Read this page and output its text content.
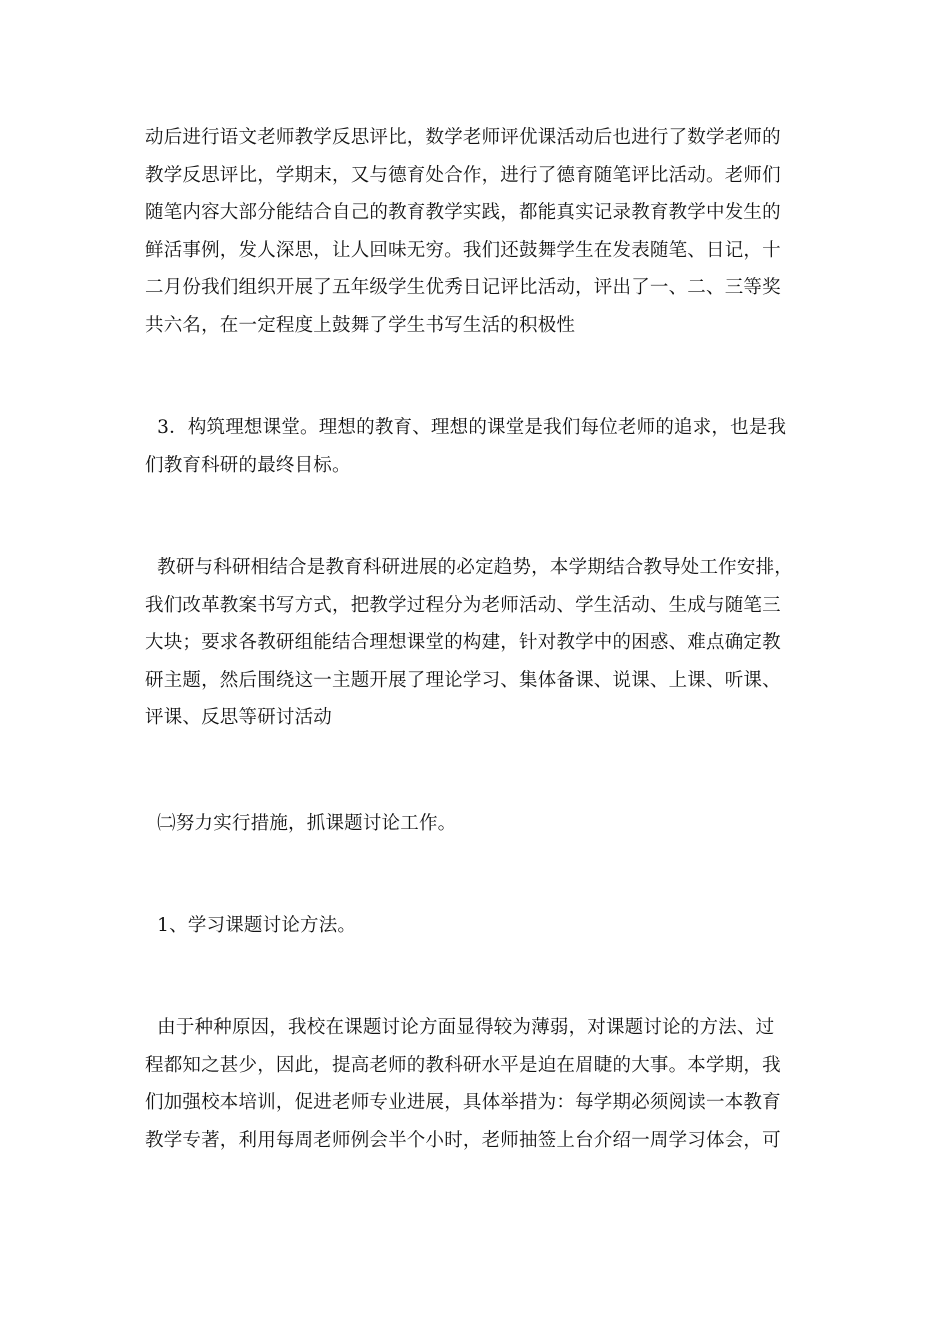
动后进行语文老师教学反思评比，数学老师评优课活动后也进行了数学老师的
教学反思评比，学期末，又与德育处合作，进行了德育随笔评比活动。老师们
随笔内容大部分能结合自己的教育教学实践，都能真实记录教育教学中发生的
鲜活事例，发人深思，让人回味无穷。我们还鼓舞学生在发表随笔、日记，十
二月份我们组织开展了五年级学生优秀日记评比活动，评出了一、二、三等奖
共六名，在一定程度上鼓舞了学生书写生活的积极性

3．构筑理想课堂。理想的教育、理想的课堂是我们每位老师的追求，也是我
们教育科研的最终目标。

教研与科研相结合是教育科研进展的必定趋势，本学期结合教导处工作安排，
我们改革教案书写方式，把教学过程分为老师活动、学生活动、生成与随笔三
大块；要求各教研组能结合理想课堂的构建，针对教学中的困惑、难点确定教
研主题，然后围绕这一主题开展了理论学习、集体备课、说课、上课、听课、
评课、反思等研讨活动

㈡努力实行措施，抓课题讨论工作。

1、学习课题讨论方法。

由于种种原因，我校在课题讨论方面显得较为薄弱，对课题讨论的方法、过
程都知之甚少，因此，提高老师的教科研水平是迫在眉睫的大事。本学期，我
们加强校本培训，促进老师专业进展，具体举措为：每学期必须阅读一本教育
教学专著，利用每周老师例会半个小时，老师抽签上台介绍一周学习体会，可
